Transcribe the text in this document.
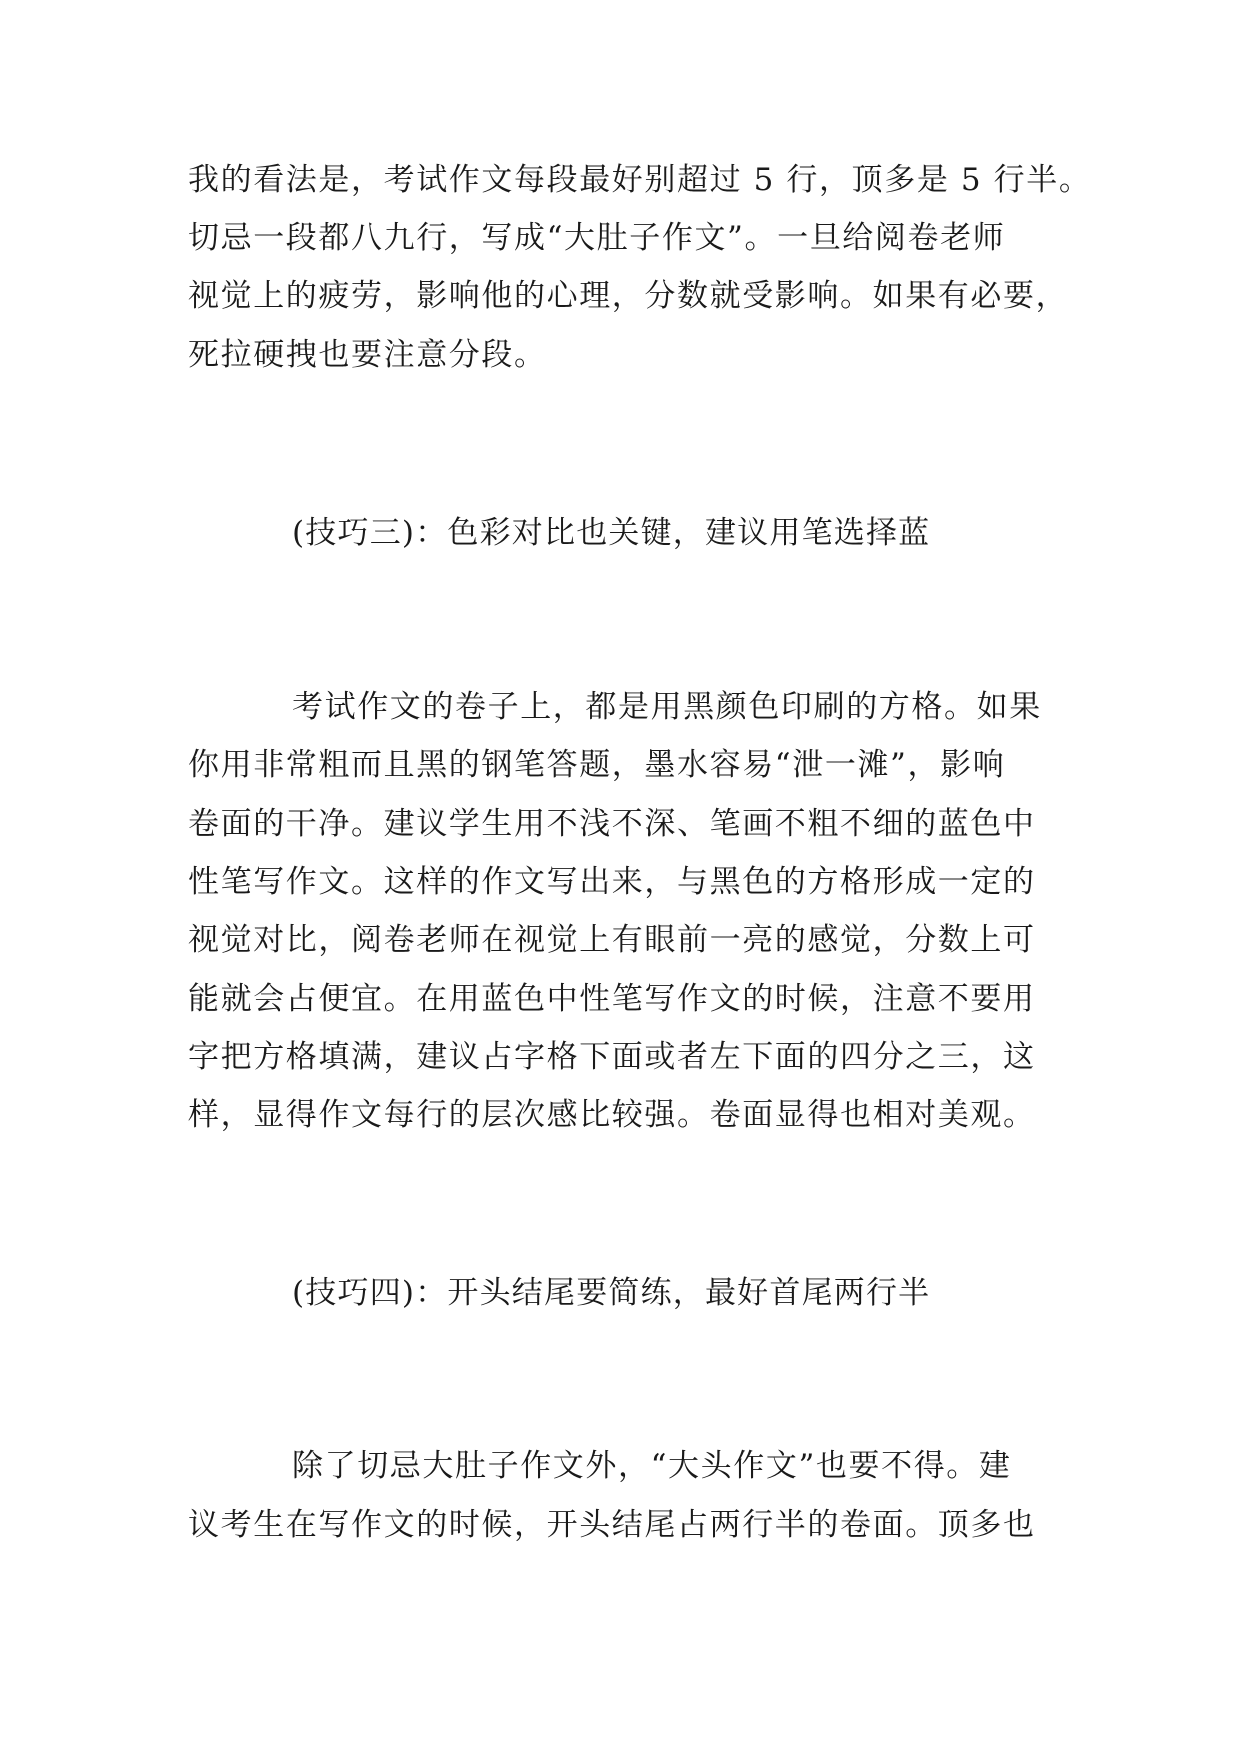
我的看法是，考试作文每段最好别超过 5 行，顶多是 5 行半。
切忌一段都八九行，写成“大肚子作文”。一旦给阅卷老师
视觉上的疲劳，影响他的心理，分数就受影响。如果有必要，
死拉硬拽也要注意分段。
(技巧三)：色彩对比也关键，建议用笔选择蓝
考试作文的卷子上，都是用黑颜色印刷的方格。如果
你用非常粗而且黑的钢笔答题，墨水容易“泄一滩”，影响
卷面的干净。建议学生用不浅不深、笔画不粗不细的蓝色中
性笔写作文。这样的作文写出来，与黑色的方格形成一定的
视觉对比，阅卷老师在视觉上有眼前一亮的感觉，分数上可
能就会占便宜。在用蓝色中性笔写作文的时候，注意不要用
字把方格填满，建议占字格下面或者左下面的四分之三，这
样，显得作文每行的层次感比较强。卷面显得也相对美观。
(技巧四)：开头结尾要简练，最好首尾两行半
除了切忌大肚子作文外，“大头作文”也要不得。建
议考生在写作文的时候，开头结尾占两行半的卷面。顶多也
